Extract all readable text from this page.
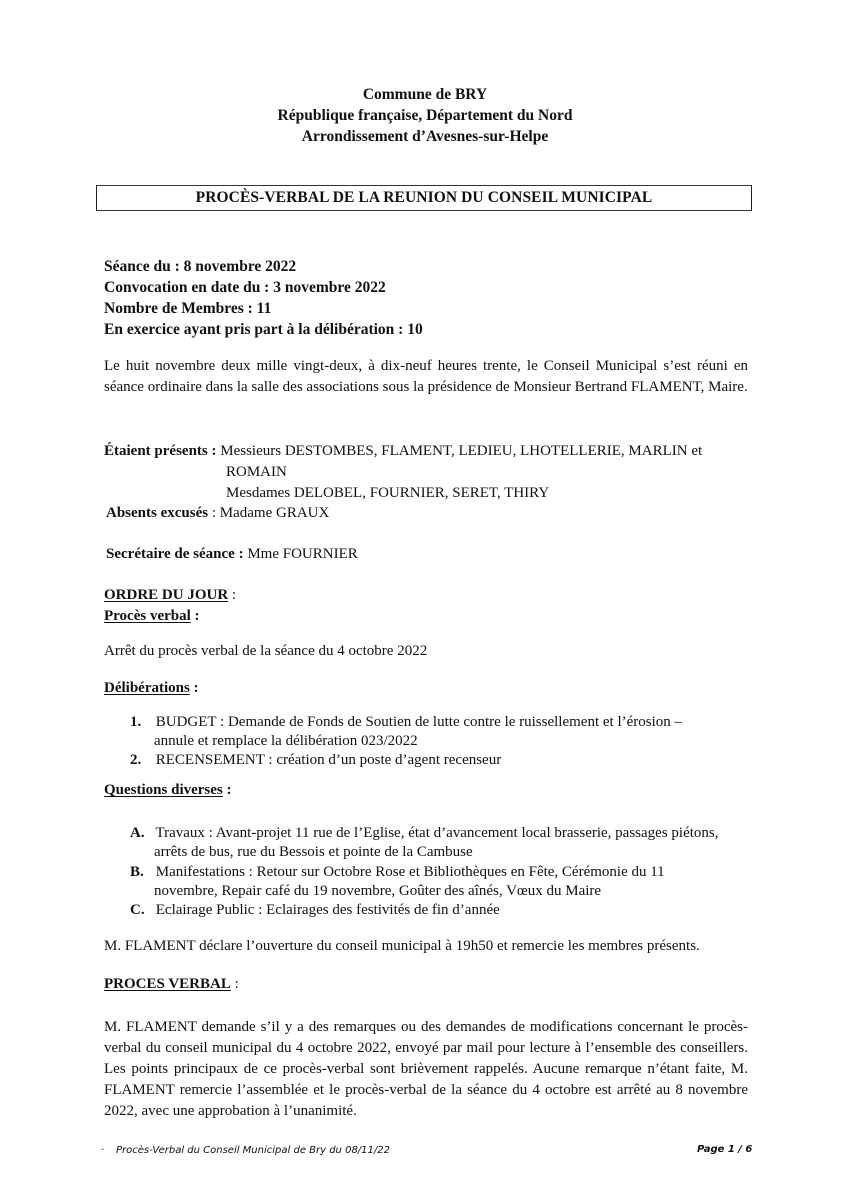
Commune de BRY
République française, Département du Nord
Arrondissement d’Avesnes-sur-Helpe
PROCÈS-VERBAL DE LA REUNION DU CONSEIL MUNICIPAL
Séance du : 8 novembre 2022
Convocation en date du : 3 novembre 2022
Nombre de Membres : 11
En exercice ayant pris part à la délibération : 10
Le huit novembre deux mille vingt-deux, à dix-neuf heures trente, le Conseil Municipal s’est réuni en séance ordinaire dans la salle des associations sous la présidence de Monsieur Bertrand FLAMENT, Maire.
Étaient présents : Messieurs DESTOMBES, FLAMENT, LEDIEU, LHOTELLERIE, MARLIN et
ROMAIN
Mesdames DELOBEL, FOURNIER, SERET, THIRY
Absents excusés : Madame GRAUX
Secrétaire de séance : Mme FOURNIER
ORDRE DU JOUR :
Procès verbal :
Arrêt du procès verbal de la séance du 4 octobre 2022
Délibérations :
1. BUDGET : Demande de Fonds de Soutien de lutte contre le ruissellement et l’érosion –
annule et remplace la délibération 023/2022
2. RECENSEMENT : création d’un poste d’agent recenseur
Questions diverses :
A. Travaux : Avant-projet 11 rue de l’Eglise, état d’avancement local brasserie, passages piétons,
arrêts de bus, rue du Bessois et pointe de la Cambuse
B. Manifestations : Retour sur Octobre Rose et Bibliothèques en Fête, Cérémonie du 11
novembre, Repair café du 19 novembre, Goûter des aînés, Vœux du Maire
C. Eclairage Public : Eclairages des festivités de fin d’année
M. FLAMENT déclare l’ouverture du conseil municipal à 19h50 et remercie les membres présents.
PROCES VERBAL :
M. FLAMENT demande s’il y a des remarques ou des demandes de modifications concernant le procès-verbal du conseil municipal du 4 octobre 2022, envoyé par mail pour lecture à l’ensemble des conseillers. Les points principaux de ce procès-verbal sont brièvement rappelés. Aucune remarque n’étant faite, M. FLAMENT remercie l’assemblée et le procès-verbal de la séance du 4 octobre est arrêté au 8 novembre 2022, avec une approbation à l’unanimité.
· Procès-Verbal du Conseil Municipal de Bry du 08/11/22	Page 1 / 6
